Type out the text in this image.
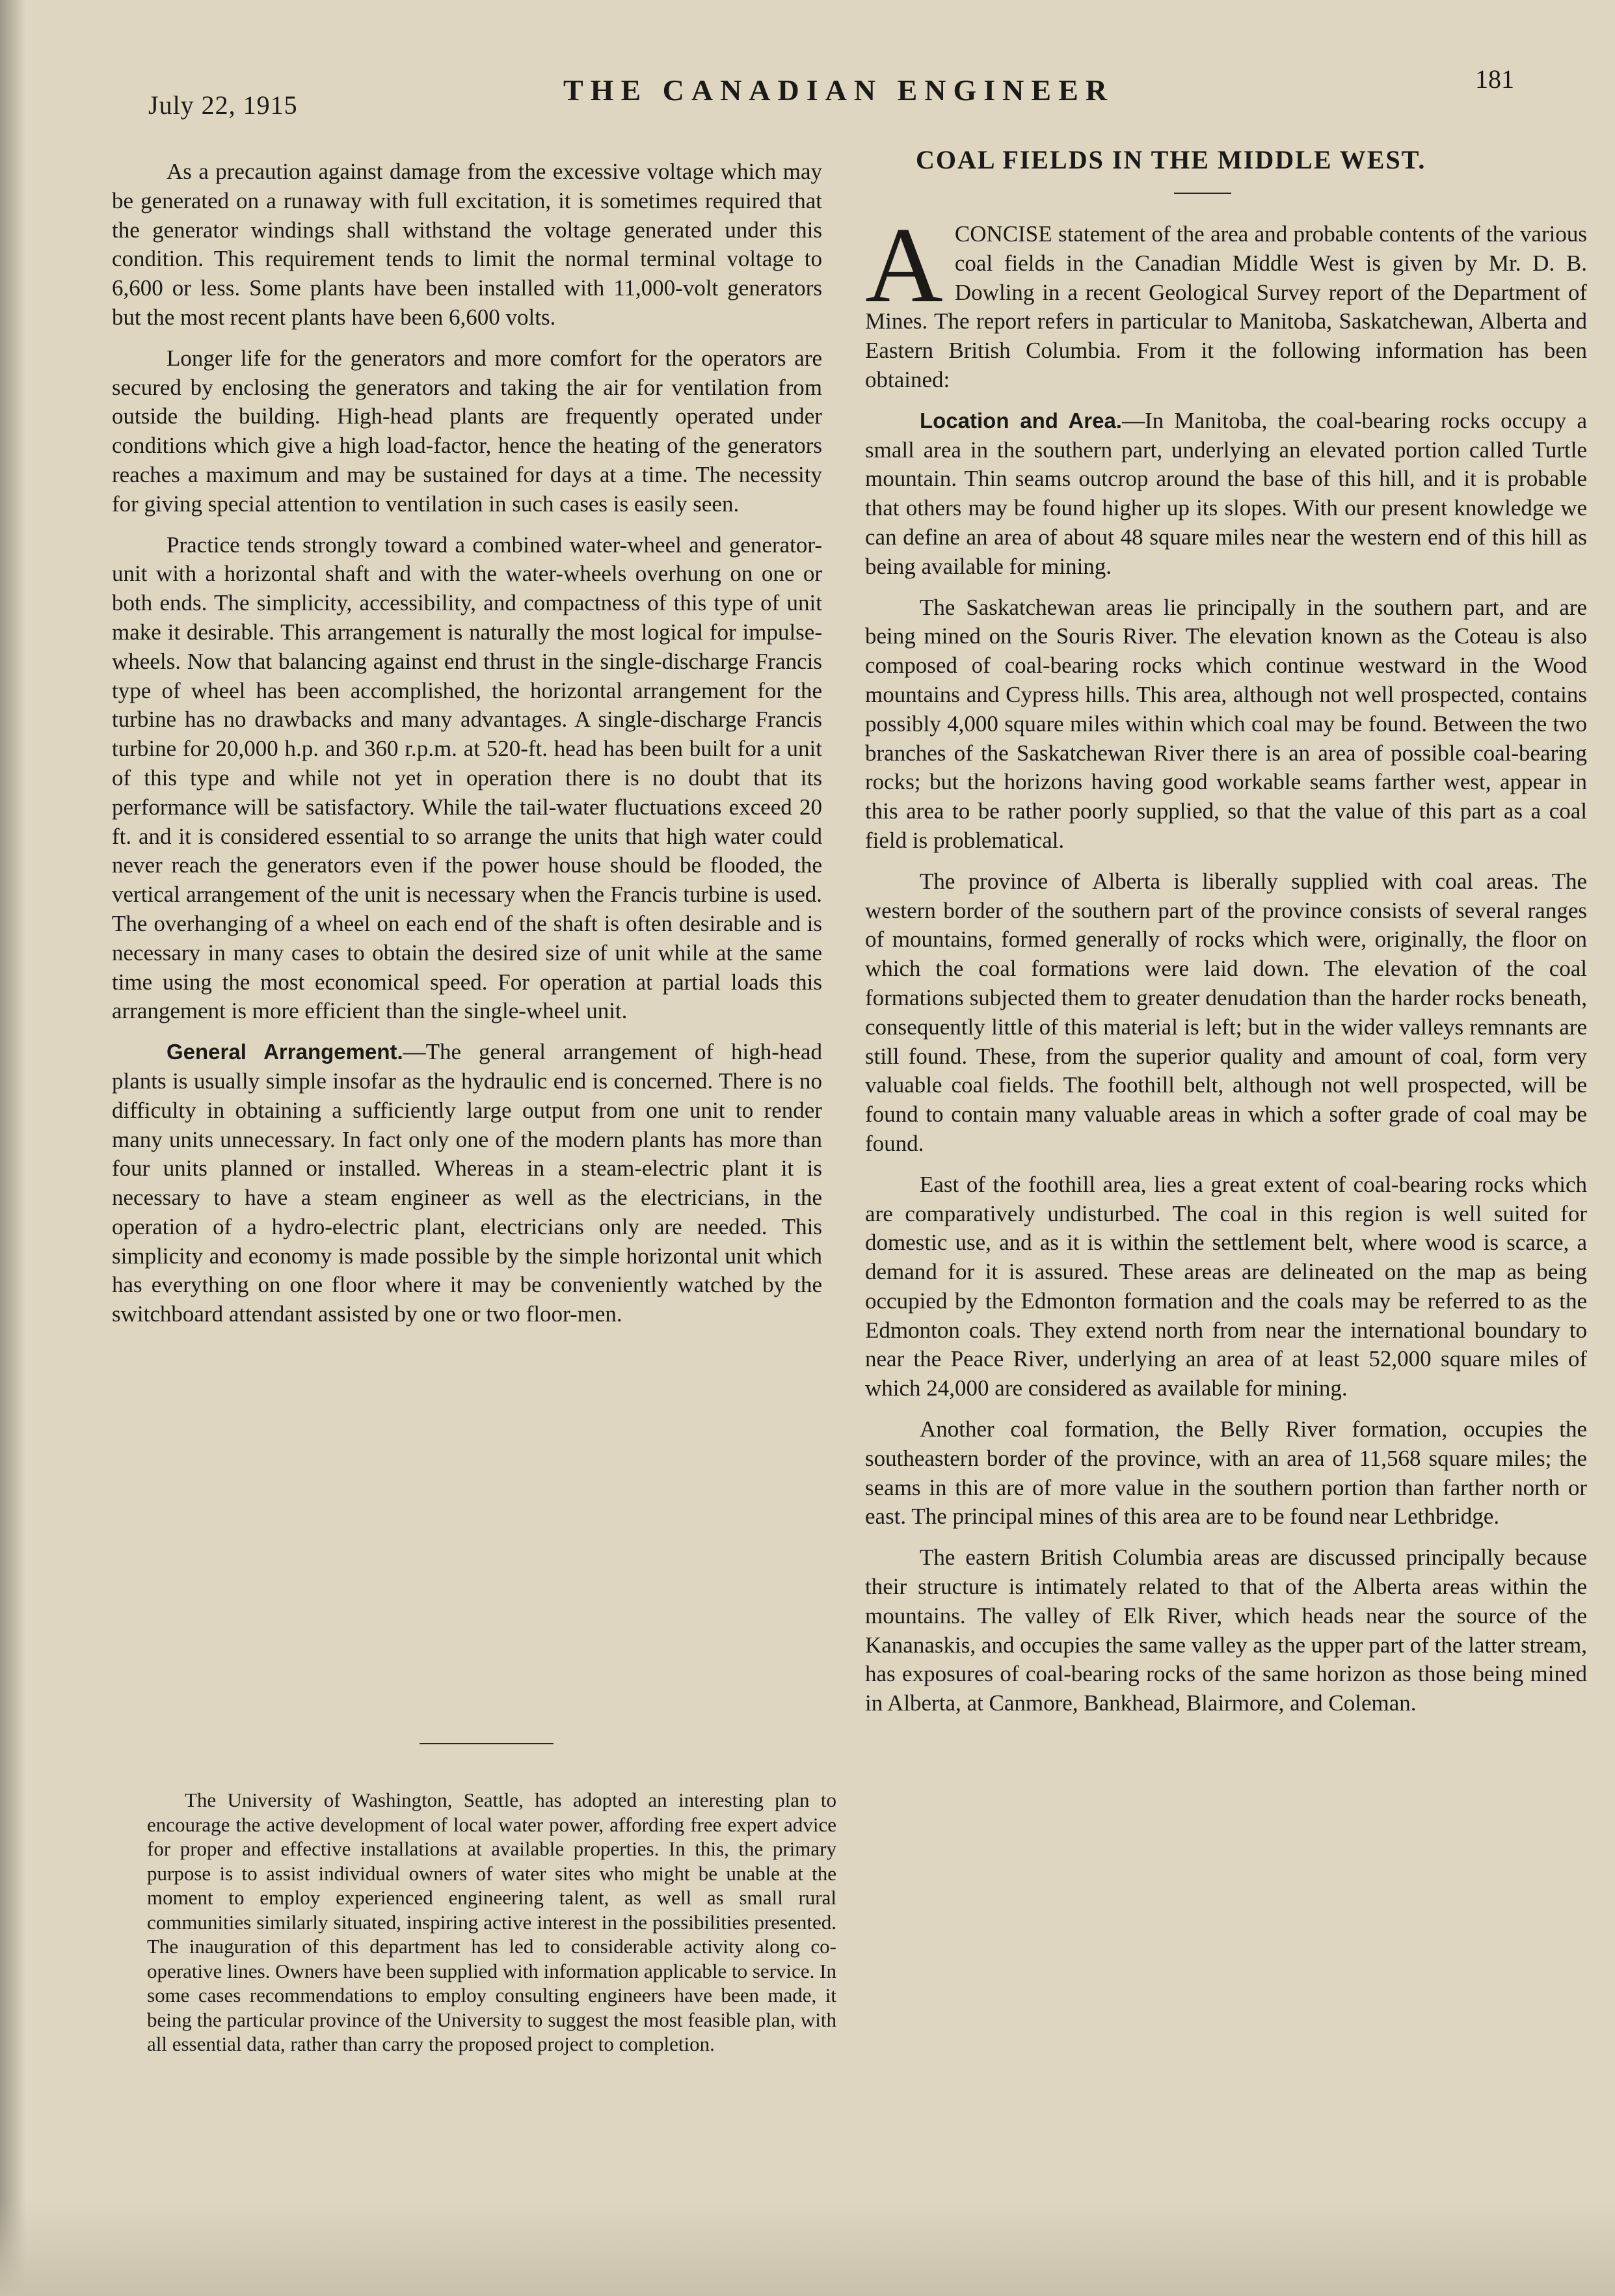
July 22, 1915	THE CANADIAN ENGINEER	181

As a precaution against damage from the excessive voltage which may be generated on a runaway with full excitation, it is sometimes required that the generator windings shall withstand the voltage generated under this condition. This requirement tends to limit the normal terminal voltage to 6,600 or less. Some plants have been installed with 11,000-volt generators but the most recent plants have been 6,600 volts.

Longer life for the generators and more comfort for the operators are secured by enclosing the generators and taking the air for ventilation from outside the building. High-head plants are frequently operated under conditions which give a high load-factor, hence the heating of the generators reaches a maximum and may be sustained for days at a time. The necessity for giving special attention to ventilation in such cases is easily seen.

Practice tends strongly toward a combined water-wheel and generator-unit with a horizontal shaft and with the water-wheels overhung on one or both ends. The simplicity, accessibility, and compactness of this type of unit make it desirable. This arrangement is naturally the most logical for impulse-wheels. Now that balancing against end thrust in the single-discharge Francis type of wheel has been accomplished, the horizontal arrangement for the turbine has no drawbacks and many advantages. A single-discharge Francis turbine for 20,000 h.p. and 360 r.p.m. at 520-ft. head has been built for a unit of this type and while not yet in operation there is no doubt that its performance will be satisfactory. While the tail-water fluctuations exceed 20 ft. and it is considered essential to so arrange the units that high water could never reach the generators even if the power house should be flooded, the vertical arrangement of the unit is necessary when the Francis turbine is used. The overhanging of a wheel on each end of the shaft is often desirable and is necessary in many cases to obtain the desired size of unit while at the same time using the most economical speed. For operation at partial loads this arrangement is more efficient than the single-wheel unit.

General Arrangement.—The general arrangement of high-head plants is usually simple insofar as the hydraulic end is concerned. There is no difficulty in obtaining a sufficiently large output from one unit to render many units unnecessary. In fact only one of the modern plants has more than four units planned or installed. Whereas in a steam-electric plant it is necessary to have a steam engineer as well as the electricians, in the operation of a hydro-electric plant, electricians only are needed. This simplicity and economy is made possible by the simple horizontal unit which has everything on one floor where it may be conveniently watched by the switchboard attendant assisted by one or two floor-men.

The University of Washington, Seattle, has adopted an interesting plan to encourage the active development of local water power, affording free expert advice for proper and effective installations at available properties. In this, the primary purpose is to assist individual owners of water sites who might be unable at the moment to employ experienced engineering talent, as well as small rural communities similarly situated, inspiring active interest in the possibilities presented. The inauguration of this department has led to considerable activity along co-operative lines. Owners have been supplied with information applicable to service. In some cases recommendations to employ consulting engineers have been made, it being the particular province of the University to suggest the most feasible plan, with all essential data, rather than carry the proposed project to completion.

COAL FIELDS IN THE MIDDLE WEST.

ACONCISE statement of the area and probable contents of the various coal fields in the Canadian Middle West is given by Mr. D. B. Dowling in a recent Geological Survey report of the Department of Mines. The report refers in particular to Manitoba, Saskatchewan, Alberta and Eastern British Columbia. From it the following information has been obtained:

Location and Area.—In Manitoba, the coal-bearing rocks occupy a small area in the southern part, underlying an elevated portion called Turtle mountain. Thin seams outcrop around the base of this hill, and it is probable that others may be found higher up its slopes. With our present knowledge we can define an area of about 48 square miles near the western end of this hill as being available for mining.

The Saskatchewan areas lie principally in the southern part, and are being mined on the Souris River. The elevation known as the Coteau is also composed of coal-bearing rocks which continue westward in the Wood mountains and Cypress hills. This area, although not well prospected, contains possibly 4,000 square miles within which coal may be found. Between the two branches of the Saskatchewan River there is an area of possible coal-bearing rocks; but the horizons having good workable seams farther west, appear in this area to be rather poorly supplied, so that the value of this part as a coal field is problematical.

The province of Alberta is liberally supplied with coal areas. The western border of the southern part of the province consists of several ranges of mountains, formed generally of rocks which were, originally, the floor on which the coal formations were laid down. The elevation of the coal formations subjected them to greater denudation than the harder rocks beneath, consequently little of this material is left; but in the wider valleys remnants are still found. These, from the superior quality and amount of coal, form very valuable coal fields. The foothill belt, although not well prospected, will be found to contain many valuable areas in which a softer grade of coal may be found.

East of the foothill area, lies a great extent of coal-bearing rocks which are comparatively undisturbed. The coal in this region is well suited for domestic use, and as it is within the settlement belt, where wood is scarce, a demand for it is assured. These areas are delineated on the map as being occupied by the Edmonton formation and the coals may be referred to as the Edmonton coals. They extend north from near the international boundary to near the Peace River, underlying an area of at least 52,000 square miles of which 24,000 are considered as available for mining.

Another coal formation, the Belly River formation, occupies the southeastern border of the province, with an area of 11,568 square miles; the seams in this are of more value in the southern portion than farther north or east. The principal mines of this area are to be found near Lethbridge.

The eastern British Columbia areas are discussed principally because their structure is intimately related to that of the Alberta areas within the mountains. The valley of Elk River, which heads near the source of the Kananaskis, and occupies the same valley as the upper part of the latter stream, has exposures of coal-bearing rocks of the same horizon as those being mined in Alberta, at Canmore, Bankhead, Blairmore, and Coleman.
